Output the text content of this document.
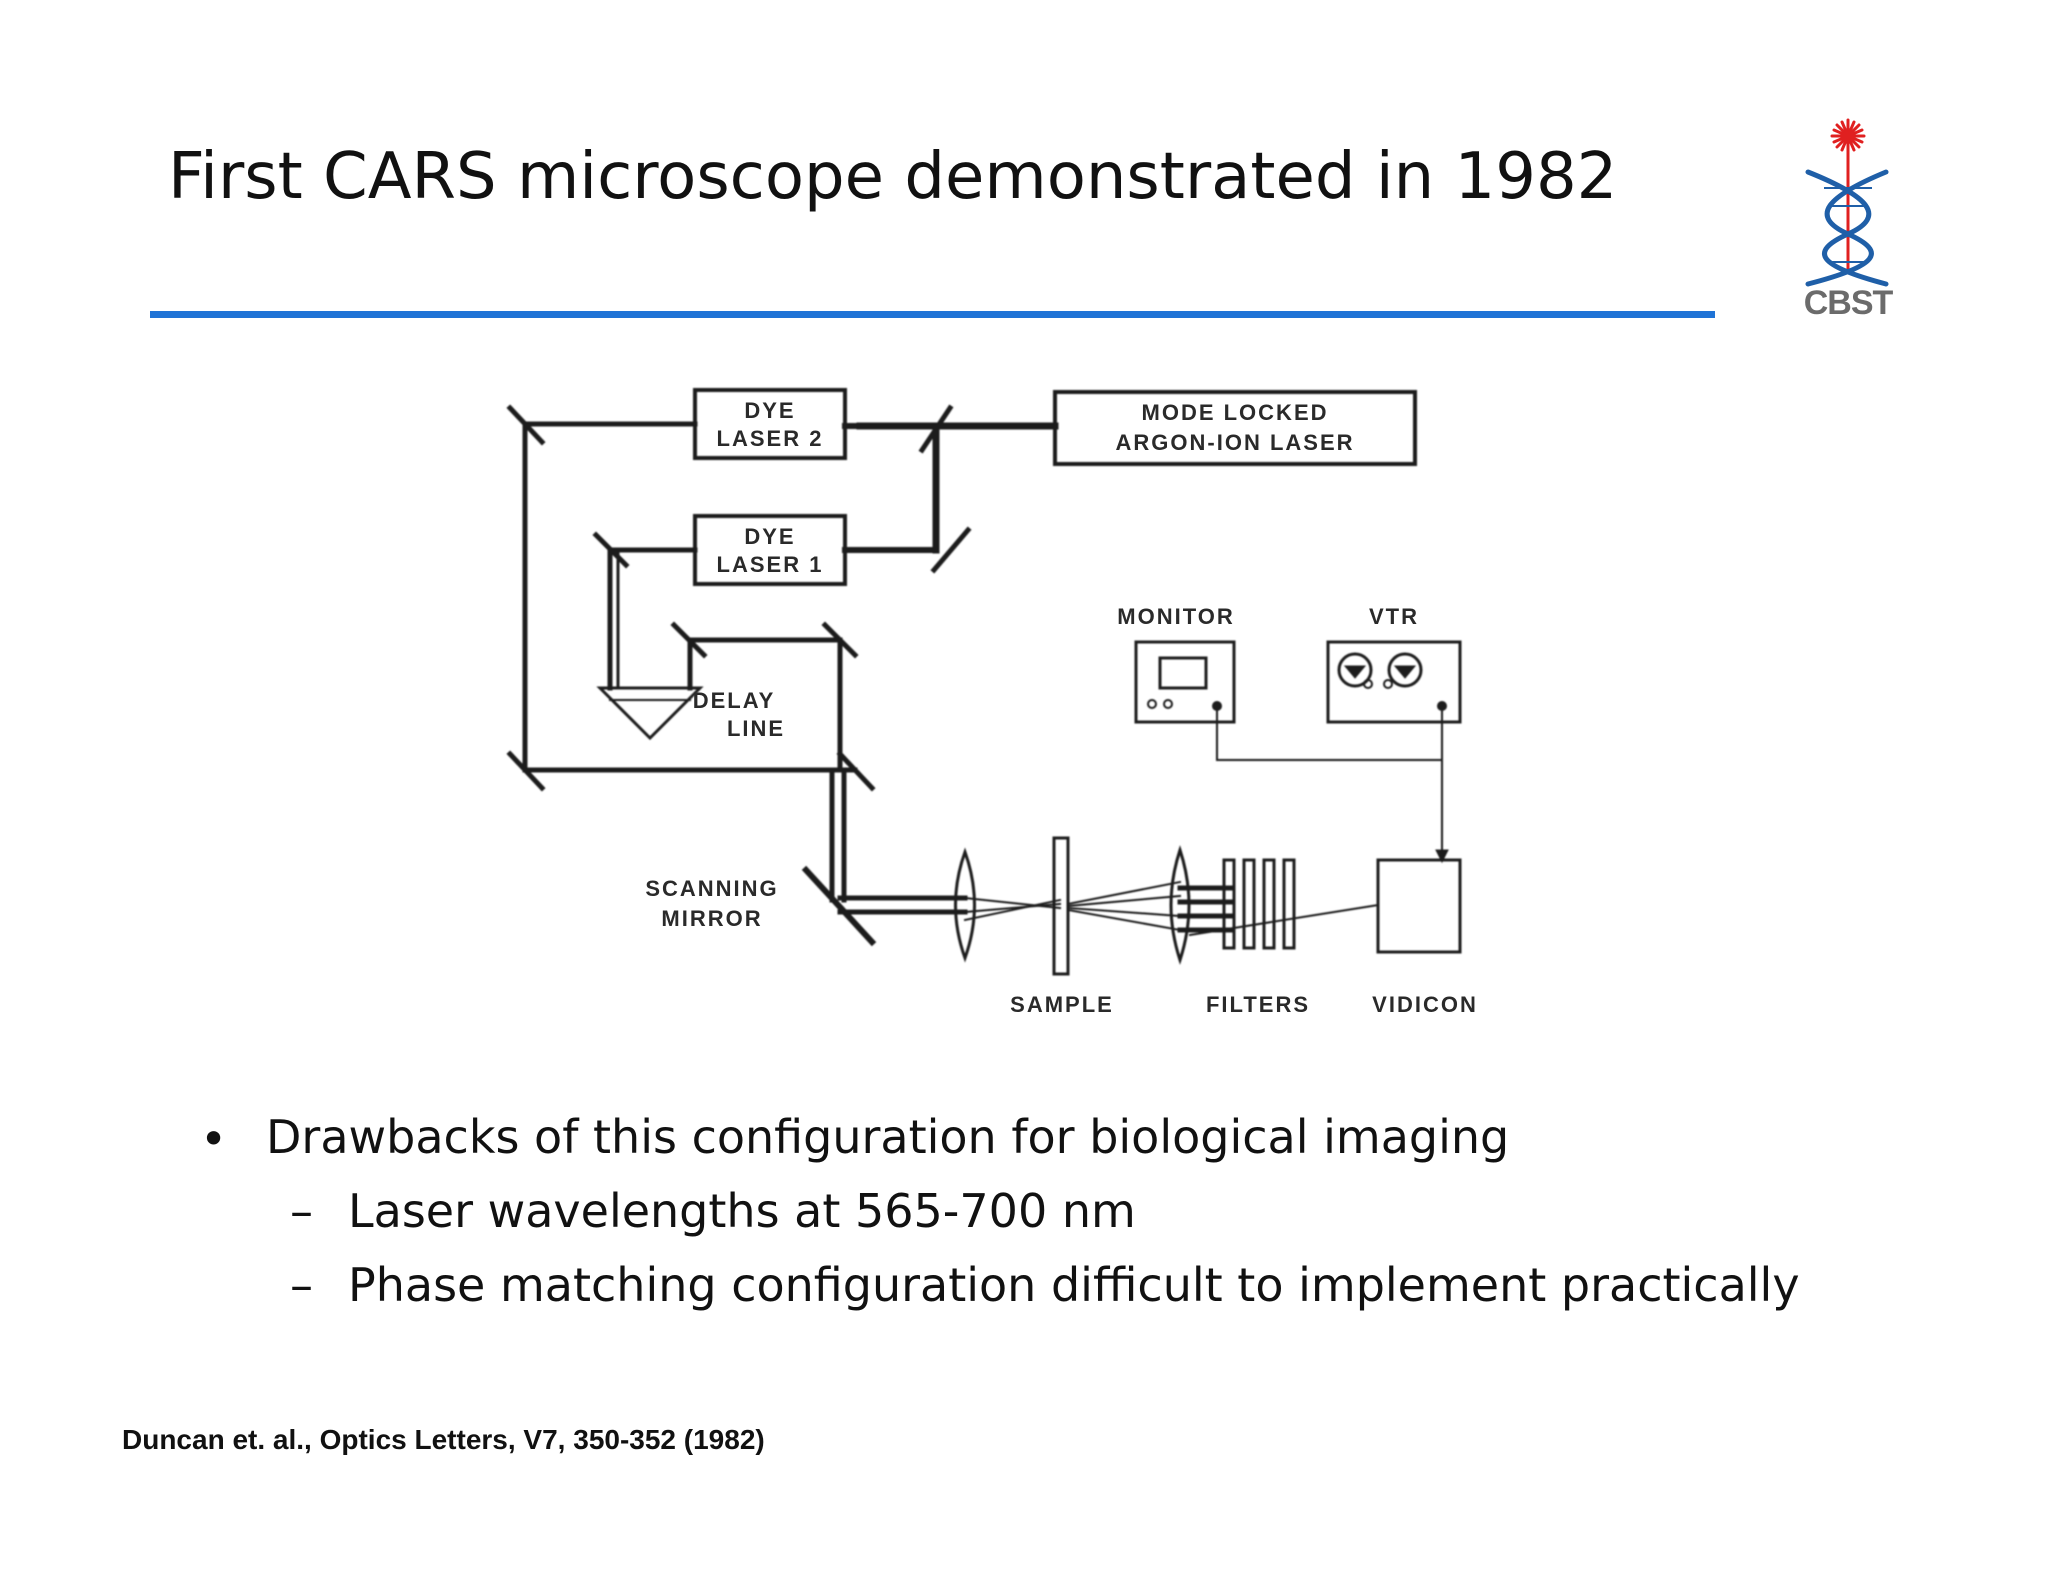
First CARS microscope demonstrated in 1982
CBST
DYE
LASER 2
MODE LOCKED
ARGON-ION LASER
DYE
LASER 1
MONITOR	VTR
DELAY
LINE
SCANNING
MIRROR
SAMPLE	FILTERS	VIDICON
• Drawbacks of this configuration for biological imaging
– Laser wavelengths at 565-700 nm
– Phase matching configuration difficult to implement practically
Duncan et. al., Optics Letters, V7, 350-352 (1982)
